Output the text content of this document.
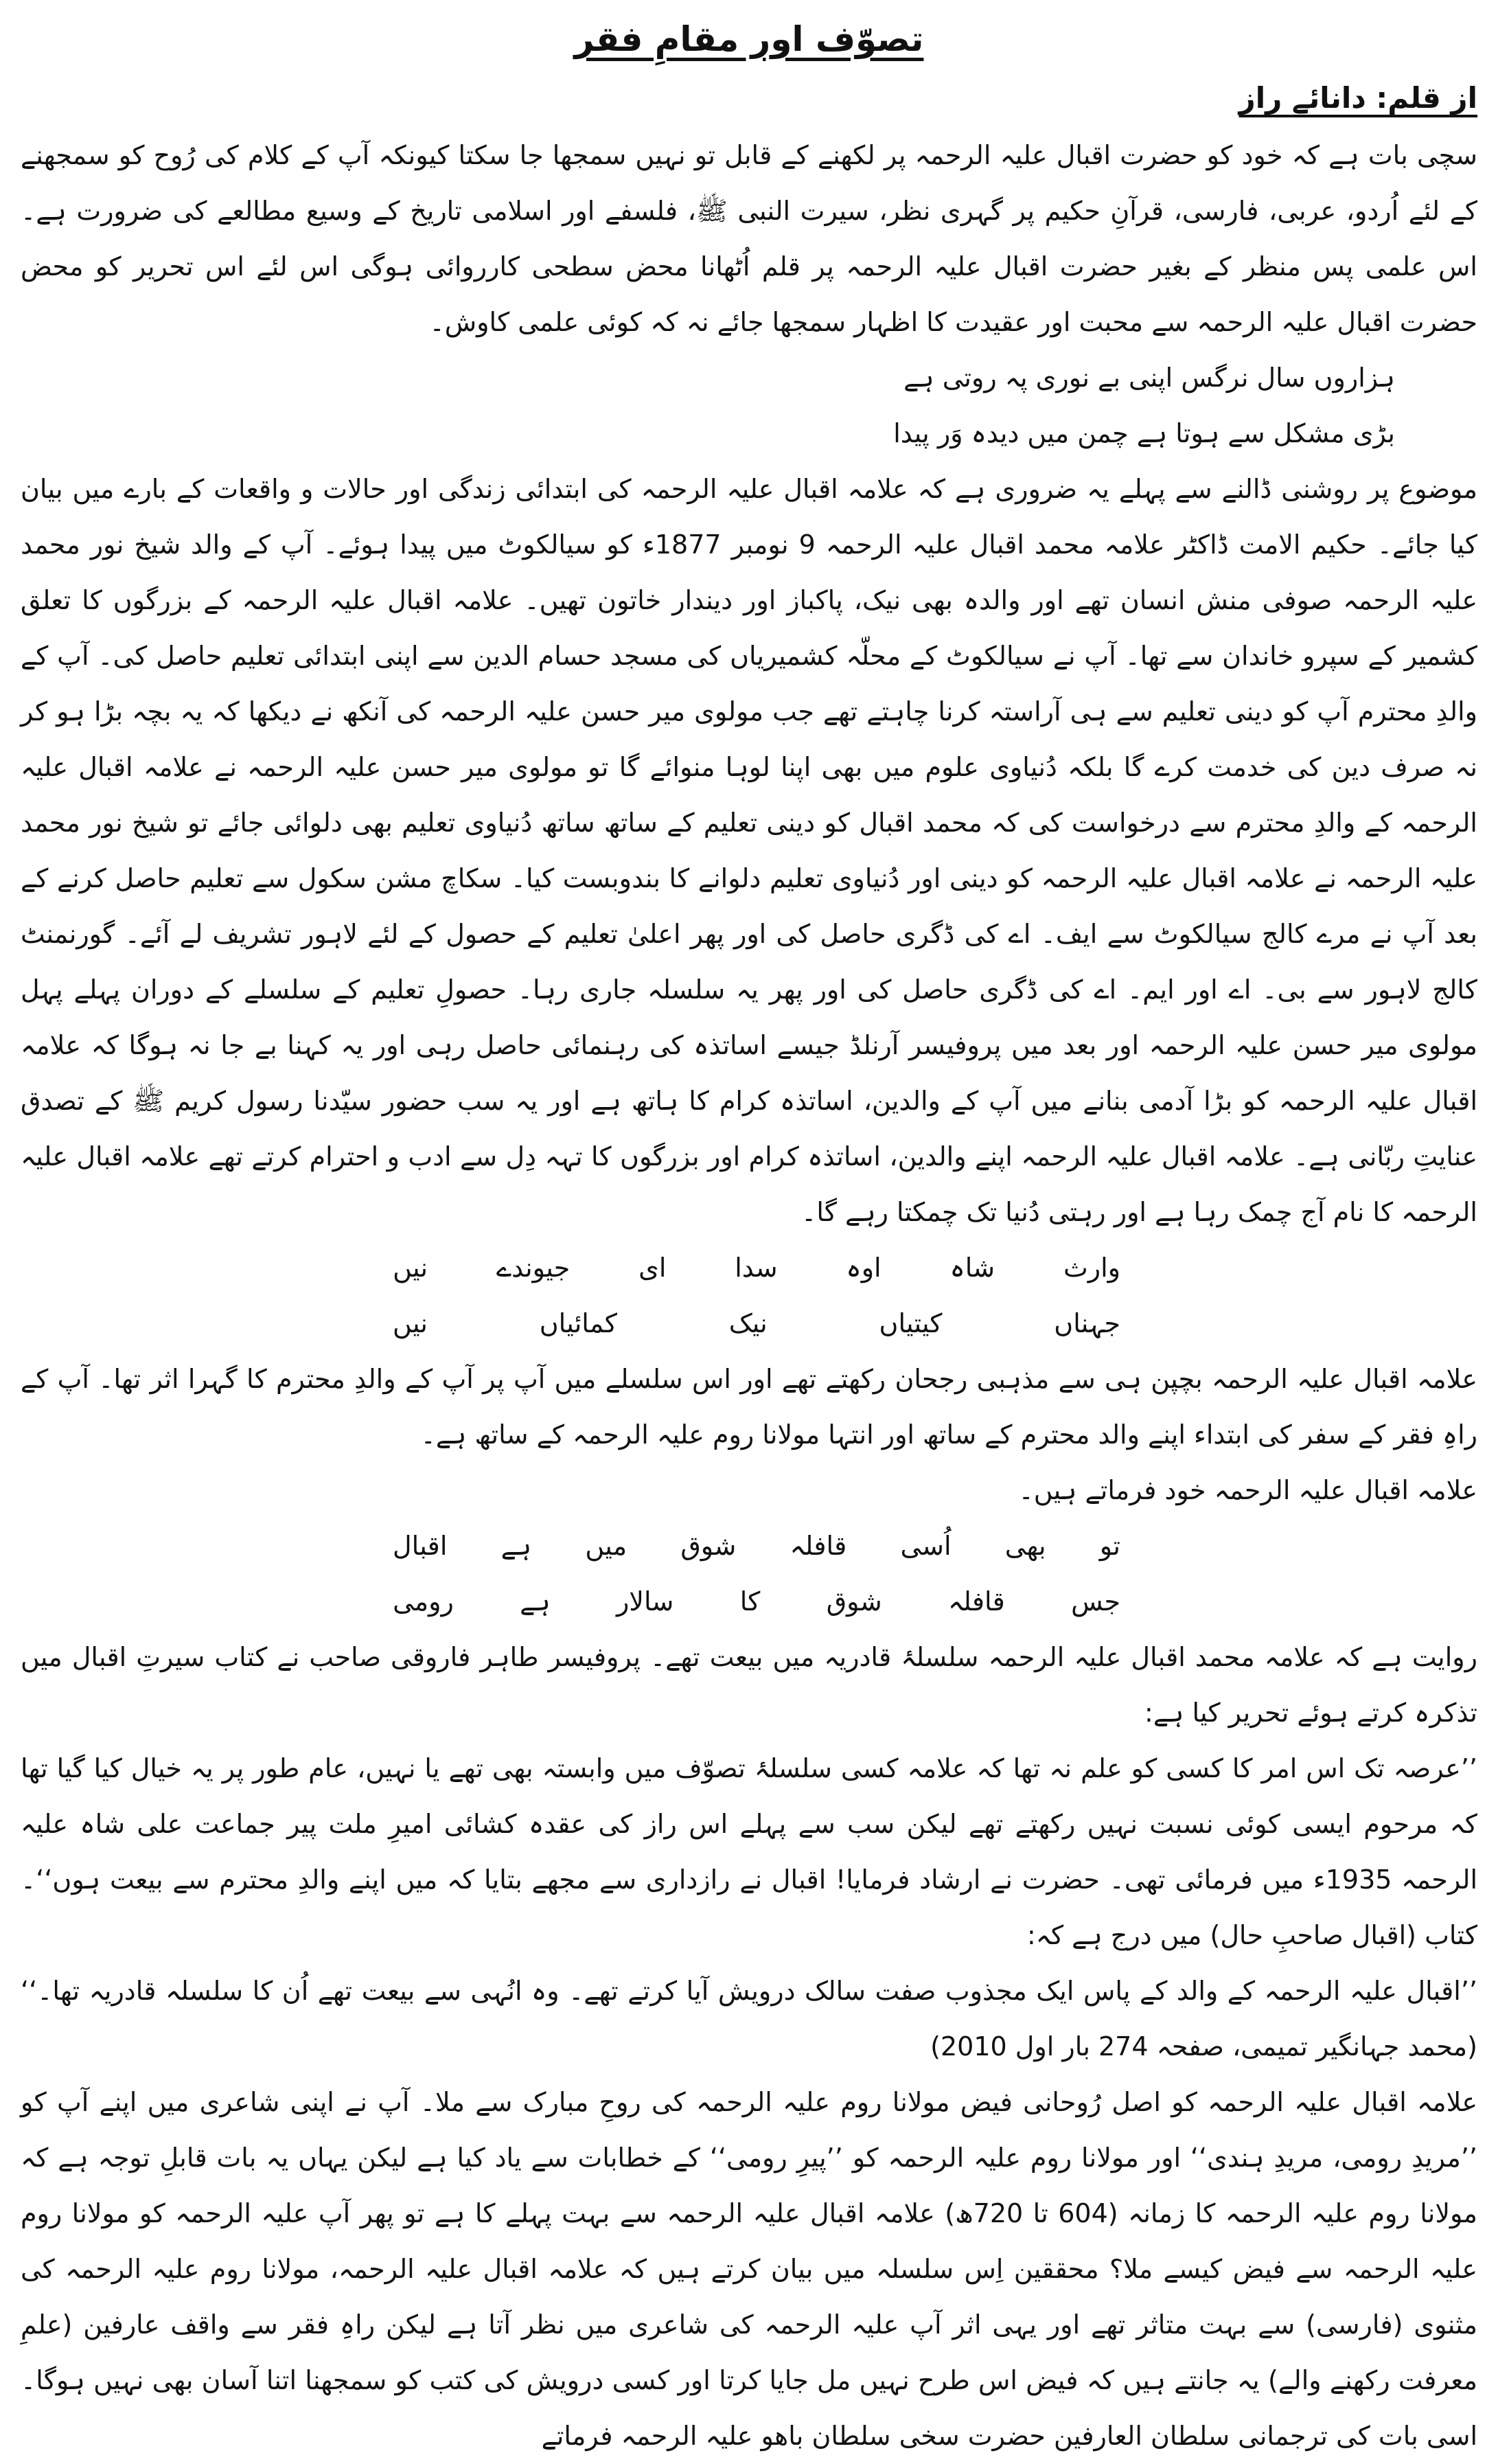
تصوّف اور مقامِ فقر
از قلم: دانائے راز

سچی بات ہے کہ خود کو حضرت اقبال علیہ الرحمہ پر لکھنے کے قابل تو نہیں سمجھا جا سکتا کیونکہ آپ کے کلام کی رُوح کو سمجھنے کے لئے اُردو، عربی، فارسی، قرآنِ حکیم پر گہری نظر، سیرت النبی ﷺ، فلسفے اور اسلامی تاریخ کے وسیع مطالعے کی ضرورت ہے۔ اس علمی پس منظر کے بغیر حضرت اقبال علیہ الرحمہ پر قلم اُٹھانا محض سطحی کارروائی ہوگی اس لئے اس تحریر کو محض حضرت اقبال علیہ الرحمہ سے محبت اور عقیدت کا اظہار سمجھا جائے نہ کہ کوئی علمی کاوش۔

ہزاروں سال نرگس اپنی بے نوری پہ روتی ہے
بڑی مشکل سے ہوتا ہے چمن میں دیدہ وَر پیدا

موضوع پر روشنی ڈالنے سے پہلے یہ ضروری ہے کہ علامہ اقبال علیہ الرحمہ کی ابتدائی زندگی اور حالات و واقعات کے بارے میں بیان کیا جائے۔ حکیم الامت ڈاکٹر علامہ محمد اقبال علیہ الرحمہ 9 نومبر 1877ء کو سیالکوٹ میں پیدا ہوئے۔ آپ کے والد شیخ نور محمد علیہ الرحمہ صوفی منش انسان تھے اور والدہ بھی نیک، پاکباز اور دیندار خاتون تھیں۔ علامہ اقبال علیہ الرحمہ کے بزرگوں کا تعلق کشمیر کے سپرو خاندان سے تھا۔ آپ نے سیالکوٹ کے محلّہ کشمیریاں کی مسجد حسام الدین سے اپنی ابتدائی تعلیم حاصل کی۔ آپ کے والدِ محترم آپ کو دینی تعلیم سے ہی آراستہ کرنا چاہتے تھے جب مولوی میر حسن علیہ الرحمہ کی آنکھ نے دیکھا کہ یہ بچہ بڑا ہو کر نہ صرف دین کی خدمت کرے گا بلکہ دُنیاوی علوم میں بھی اپنا لوہا منوائے گا تو مولوی میر حسن علیہ الرحمہ نے علامہ اقبال علیہ الرحمہ کے والدِ محترم سے درخواست کی کہ محمد اقبال کو دینی تعلیم کے ساتھ ساتھ دُنیاوی تعلیم بھی دلوائی جائے تو شیخ نور محمد علیہ الرحمہ نے علامہ اقبال علیہ الرحمہ کو دینی اور دُنیاوی تعلیم دلوانے کا بندوبست کیا۔ سکاچ مشن سکول سے تعلیم حاصل کرنے کے بعد آپ نے مرے کالج سیالکوٹ سے ایف۔ اے کی ڈگری حاصل کی اور پھر اعلیٰ تعلیم کے حصول کے لئے لاہور تشریف لے آئے۔ گورنمنٹ کالج لاہور سے بی۔ اے اور ایم۔ اے کی ڈگری حاصل کی اور پھر یہ سلسلہ جاری رہا۔ حصولِ تعلیم کے سلسلے کے دوران پہلے پہل مولوی میر حسن علیہ الرحمہ اور بعد میں پروفیسر آرنلڈ جیسے اساتذہ کی رہنمائی حاصل رہی اور یہ کہنا بے جا نہ ہوگا کہ علامہ اقبال علیہ الرحمہ کو بڑا آدمی بنانے میں آپ کے والدین، اساتذہ کرام کا ہاتھ ہے اور یہ سب حضور سیّدنا رسول کریم ﷺ کے تصدق عنایتِ ربّانی ہے۔ علامہ اقبال علیہ الرحمہ اپنے والدین، اساتذہ کرام اور بزرگوں کا تہہ دِل سے ادب و احترام کرتے تھے علامہ اقبال علیہ الرحمہ کا نام آج چمک رہا ہے اور رہتی دُنیا تک چمکتا رہے گا۔

وارث
شاہ
اوہ
سدا
ای
جیوندے
نیں
جہناں
کیتیاں
نیک
کمائیاں
نیں

علامہ اقبال علیہ الرحمہ بچپن ہی سے مذہبی رجحان رکھتے تھے اور اس سلسلے میں آپ پر آپ کے والدِ محترم کا گہرا اثر تھا۔ آپ کے راہِ فقر کے سفر کی ابتداء اپنے والد محترم کے ساتھ اور انتہا مولانا روم علیہ الرحمہ کے ساتھ ہے۔

علامہ اقبال علیہ الرحمہ خود فرماتے ہیں۔

تو
بھی
اُسی
قافلہ
شوق
میں
ہے
اقبال
جس
قافلہ
شوق
کا
سالار
ہے
رومی

روایت ہے کہ علامہ محمد اقبال علیہ الرحمہ سلسلۂ قادریہ میں بیعت تھے۔ پروفیسر طاہر فاروقی صاحب نے کتاب سیرتِ اقبال میں تذکرہ کرتے ہوئے تحریر کیا ہے:

’’عرصہ تک اس امر کا کسی کو علم نہ تھا کہ علامہ کسی سلسلۂ تصوّف میں وابستہ بھی تھے یا نہیں، عام طور پر یہ خیال کیا گیا تھا کہ مرحوم ایسی کوئی نسبت نہیں رکھتے تھے لیکن سب سے پہلے اس راز کی عقدہ کشائی امیرِ ملت پیر جماعت علی شاہ علیہ الرحمہ 1935ء میں فرمائی تھی۔ حضرت نے ارشاد فرمایا! اقبال نے رازداری سے مجھے بتایا کہ میں اپنے والدِ محترم سے بیعت ہوں‘‘۔ کتاب (اقبال صاحبِ حال) میں درج ہے کہ:

’’اقبال علیہ الرحمہ کے والد کے پاس ایک مجذوب صفت سالک درویش آیا کرتے تھے۔ وہ انُہی سے بیعت تھے اُن کا سلسلہ قادریہ تھا۔‘‘ (محمد جہانگیر تمیمی، صفحہ 274 بار اول 2010)

علامہ اقبال علیہ الرحمہ کو اصل رُوحانی فیض مولانا روم علیہ الرحمہ کی روحِ مبارک سے ملا۔ آپ نے اپنی شاعری میں اپنے آپ کو ’’مریدِ رومی، مریدِ ہندی‘‘ اور مولانا روم علیہ الرحمہ کو ’’پیرِ رومی‘‘ کے خطابات سے یاد کیا ہے لیکن یہاں یہ بات قابلِ توجہ ہے کہ مولانا روم علیہ الرحمہ کا زمانہ (604 تا 720ھ) علامہ اقبال علیہ الرحمہ سے بہت پہلے کا ہے تو پھر آپ علیہ الرحمہ کو مولانا روم علیہ الرحمہ سے فیض کیسے ملا؟ محققین اِس سلسلہ میں بیان کرتے ہیں کہ علامہ اقبال علیہ الرحمہ، مولانا روم علیہ الرحمہ کی مثنوی (فارسی) سے بہت متاثر تھے اور یہی اثر آپ علیہ الرحمہ کی شاعری میں نظر آتا ہے لیکن راہِ فقر سے واقف عارفین (علمِ معرفت رکھنے والے) یہ جانتے ہیں کہ فیض اس طرح نہیں مل جایا کرتا اور کسی درویش کی کتب کو سمجھنا اتنا آسان بھی نہیں ہوگا۔ اسی بات کی ترجمانی سلطان العارفین حضرت سخی سلطان باھو علیہ الرحمہ فرماتے
